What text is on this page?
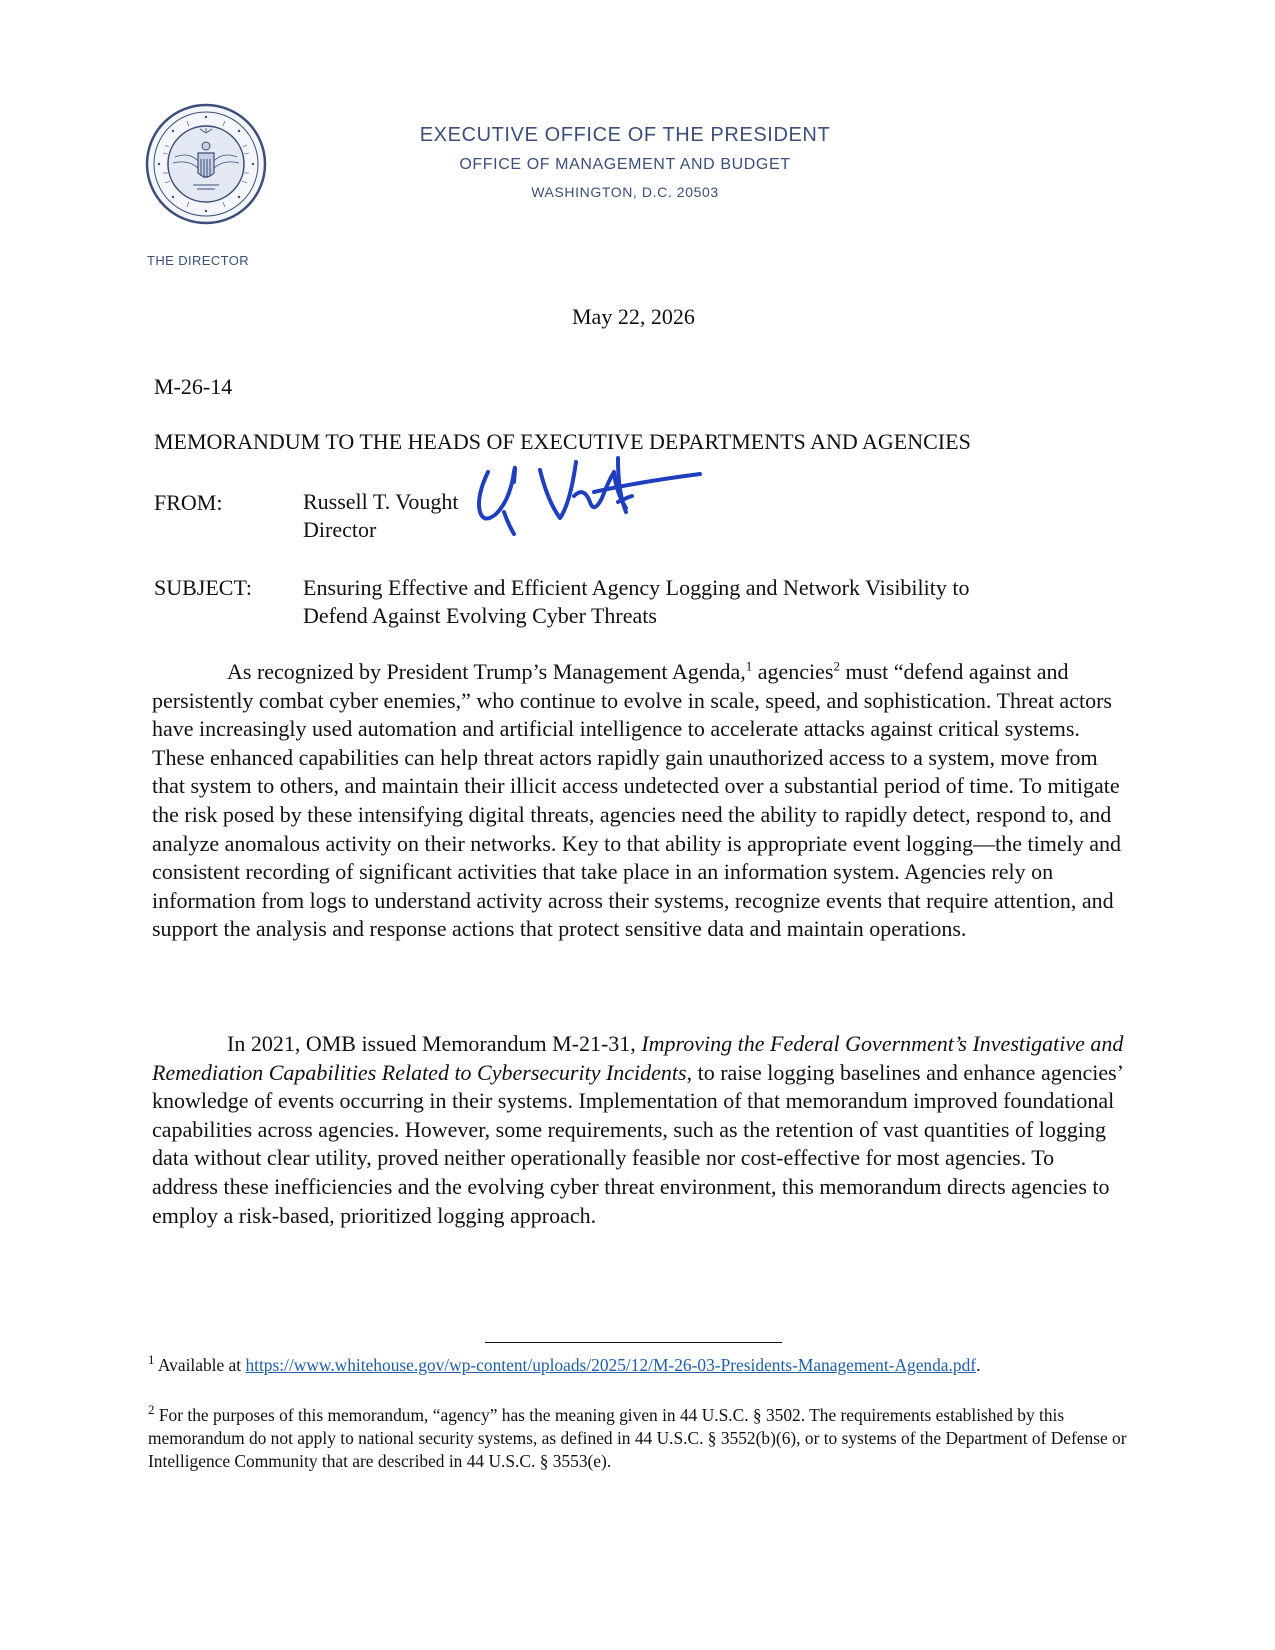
EXECUTIVE OFFICE OF THE PRESIDENT
OFFICE OF MANAGEMENT AND BUDGET
WASHINGTON, D.C. 20503
THE DIRECTOR
May 22, 2026
M-26-14
MEMORANDUM TO THE HEADS OF EXECUTIVE DEPARTMENTS AND AGENCIES
FROM:	Russell T. Vought
Director
SUBJECT: Ensuring Effective and Efficient Agency Logging and Network Visibility to
Defend Against Evolving Cyber Threats

As recognized by President Trump’s Management Agenda,$^1$ agencies$^2$ must “defend against and persistently combat cyber enemies,” who continue to evolve in scale, speed, and sophistication. Threat actors have increasingly used automation and artificial intelligence to accelerate attacks against critical systems. These enhanced capabilities can help threat actors rapidly gain unauthorized access to a system, move from that system to others, and maintain their illicit access undetected over a substantial period of time. To mitigate the risk posed by these intensifying digital threats, agencies need the ability to rapidly detect, respond to, and analyze anomalous activity on their networks. Key to that ability is appropriate event logging—the timely and consistent recording of significant activities that take place in an information system. Agencies rely on information from logs to understand activity across their systems, recognize events that require attention, and support the analysis and response actions that protect sensitive data and maintain operations.

In 2021, OMB issued Memorandum M-21-31, Improving the Federal Government’s Investigative and Remediation Capabilities Related to Cybersecurity Incidents, to raise logging baselines and enhance agencies’ knowledge of events occurring in their systems. Implementation of that memorandum improved foundational capabilities across agencies. However, some requirements, such as the retention of vast quantities of logging data without clear utility, proved neither operationally feasible nor cost-effective for most agencies. To address these inefficiencies and the evolving cyber threat environment, this memorandum directs agencies to employ a risk-based, prioritized logging approach.

$^1$ Available at https://www.whitehouse.gov/wp-content/uploads/2025/12/M-26-03-Presidents-Management-Agenda.pdf.

$^2$ For the purposes of this memorandum, “agency” has the meaning given in 44 U.S.C. § 3502. The requirements established by this memorandum do not apply to national security systems, as defined in 44 U.S.C. § 3552(b)(6), or to systems of the Department of Defense or Intelligence Community that are described in 44 U.S.C. § 3553(e).
